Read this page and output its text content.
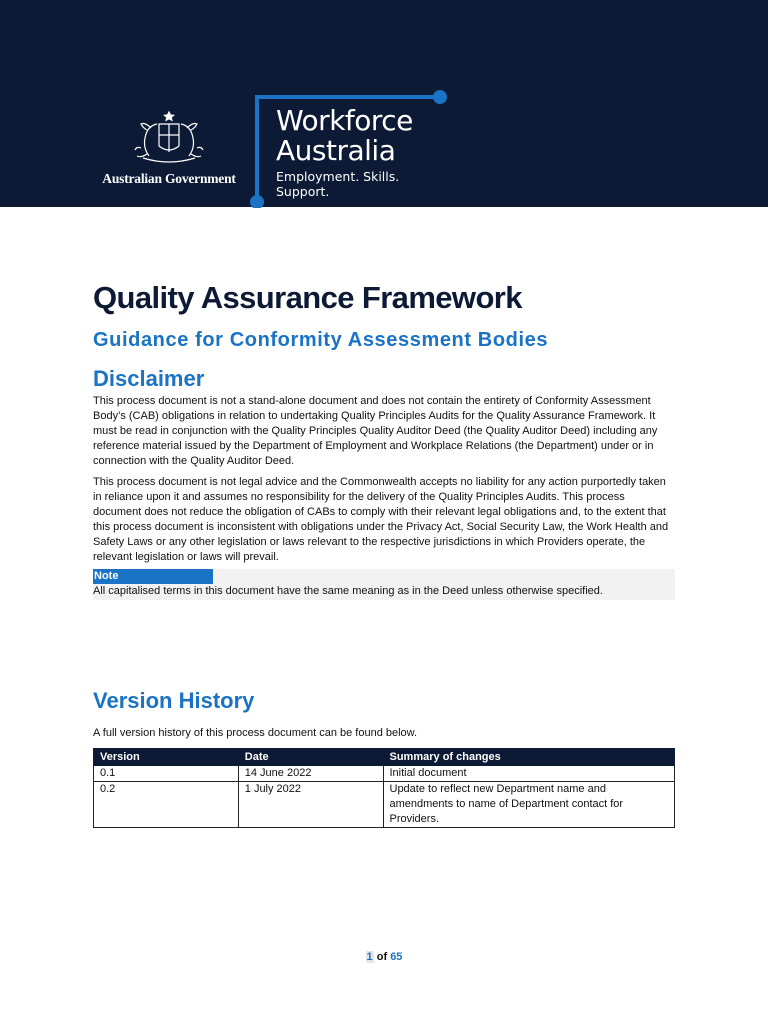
Australian Government
Workforce
Australia
Employment. Skills.
Support.
Quality Assurance Framework
Guidance for Conformity Assessment Bodies
Disclaimer

This process document is not a stand-alone document and does not contain the entirety of Conformity Assessment Body’s (CAB) obligations in relation to undertaking Quality Principles Audits for the Quality Assurance Framework. It must be read in conjunction with the Quality Principles Quality Auditor Deed (the Quality Auditor Deed) including any reference material issued by the Department of Employment and Workplace Relations (the Department) under or in connection with the Quality Auditor Deed.

This process document is not legal advice and the Commonwealth accepts no liability for any action purportedly taken in reliance upon it and assumes no responsibility for the delivery of the Quality Principles Audits. This process document does not reduce the obligation of CABs to comply with their relevant legal obligations and, to the extent that this process document is inconsistent with obligations under the Privacy Act, Social Security Law, the Work Health and Safety Laws or any other legislation or laws relevant to the respective jurisdictions in which Providers operate, the relevant legislation or laws will prevail.

Note
All capitalised terms in this document have the same meaning as in the Deed unless otherwise specified.
Version History

A full version history of this process document can be found below.

Version	Date	Summary of changes
0.1	14 June 2022	Initial document
0.2	1 July 2022	Update to reflect new Department name and amendments to name of Department contact for Providers.
1 of 65
